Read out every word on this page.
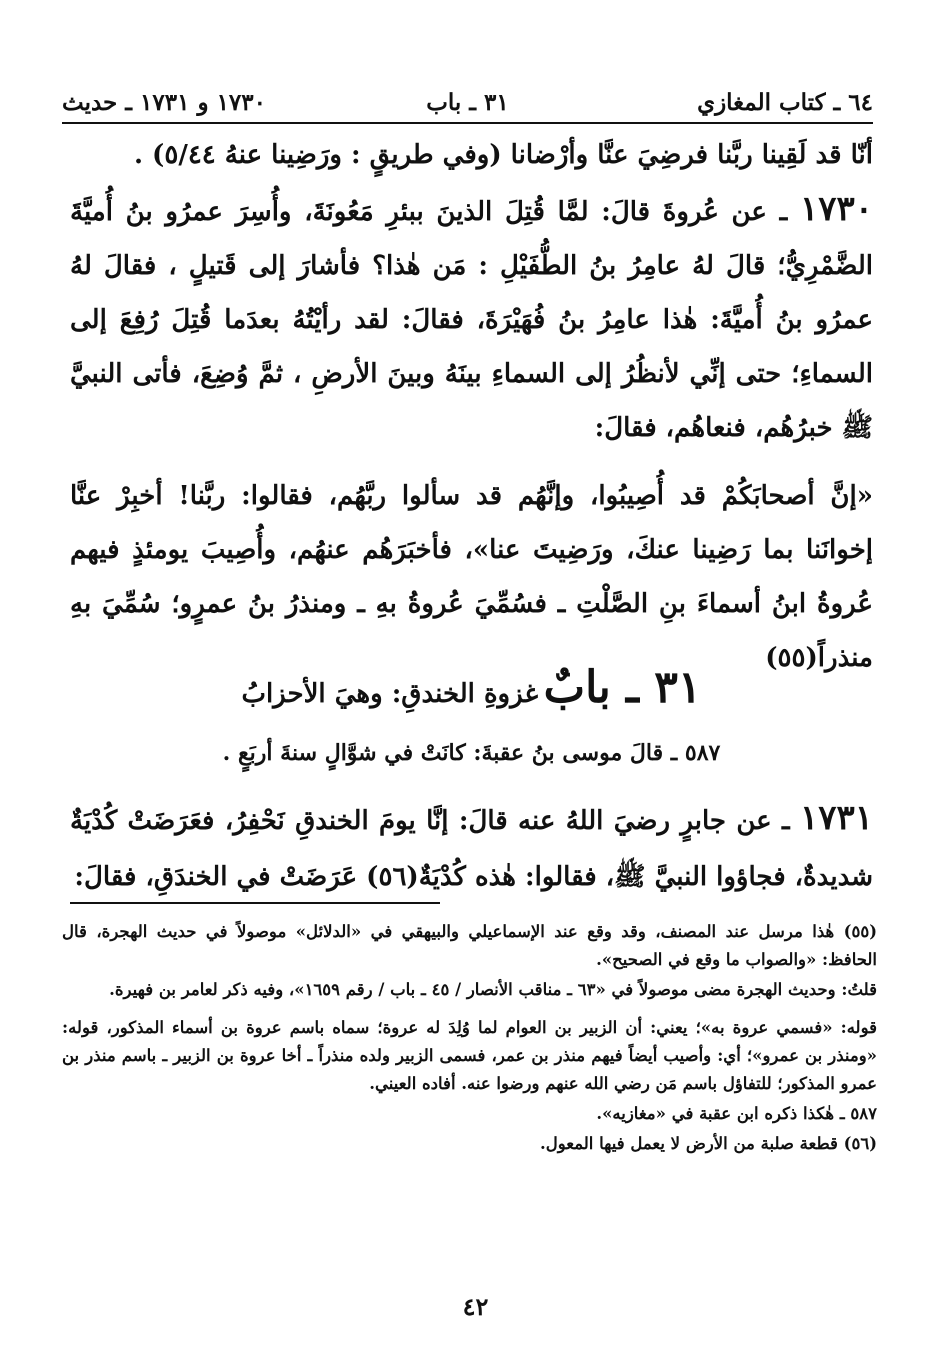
٦٤ ـ كتاب المغازي
٣١ ـ باب
١٧٣٠ و ١٧٣١ ـ حديث

أنّا قد لَقِينا ربَّنا فرضِيَ عنَّا وأرْضانا (وفي طريقٍ : ورَضِينا عنهُ ٥/٤٤) .

١٧٣٠ ـ عن عُروةَ قالَ: لمَّا قُتِلَ الذينَ ببئرِ مَعُونَةَ، وأُسِرَ عمرُو بنُ أُميَّةَ الضَّمْرِيُّ؛ قالَ لهُ عامِرُ بنُ الطُّفَيْلِ : مَن هٰذا؟ فأشارَ إلى قَتيلٍ ، فقالَ لهُ عمرُو بنُ أُميَّةَ: هٰذا عامِرُ بنُ فُهَيْرَةَ، فقالَ: لقد رأيْتُهُ بعدَما قُتِلَ رُفِعَ إلى السماءِ؛ حتى إنِّي لأنظُرُ إلى السماءِ بينَهُ وبينَ الأرضِ ، ثمَّ وُضِعَ، فأتى النبيَّ ﷺ خبرُهُم، فنعاهُم، فقالَ:

«إنَّ أصحابَكُمْ قد أُصِيبُوا، وإنَّهُم قد سألوا ربَّهُم، فقالوا: ربَّنا! أخبِرْ عنَّا إخوانَنا بما رَضِينا عنكَ، ورَضِيتَ عنا»، فأخبَرَهُم عنهُم، وأُصِيبَ يومئذٍ فيهم عُروةُ ابنُ أسماءَ بنِ الصَّلْتِ ـ فسُمِّيَ عُروةُ بهِ ـ ومنذرُ بنُ عمرٍو؛ سُمِّيَ بهِ منذراً(٥٥)

٣١ ـ بابٌ غزوةِ الخندقِ: وهيَ الأحزابُ
٥٨٧ ـ قالَ موسى بنُ عقبةَ: كانَتْ في شوَّالٍ سنةَ أربَعٍ .

١٧٣١ ـ عن جابرٍ رضيَ اللهُ عنه قالَ: إنَّا يومَ الخندقِ نَحْفِرُ، فعَرَضَتْ كُدْيَةٌ شديدةٌ، فجاؤوا النبيَّ ﷺ، فقالوا: هٰذه كُدْيَةٌ(٥٦) عَرَضَتْ في الخندَقِ، فقالَ:

(٥٥) هٰذا مرسل عند المصنف، وقد وقع عند الإسماعيلي والبيهقي في «الدلائل» موصولاً في حديث الهجرة، قال الحافظ: «والصواب ما وقع في الصحيح».

قلتُ: وحديث الهجرة مضى موصولاً في «٦٣ ـ مناقب الأنصار / ٤٥ ـ باب / رقم ١٦٥٩»، وفيه ذكر لعامر بن فهيرة.

قوله: «فسمي عروة به»؛ يعني: أن الزبير بن العوام لما وُلِدَ له عروة؛ سماه باسم عروة بن أسماء المذكور، قوله: «ومنذر بن عمرو»؛ أي: وأصيب أيضاً فيهم منذر بن عمر، فسمى الزبير ولده منذراً ـ أخا عروة بن الزبير ـ باسم منذر بن عمرو المذكور؛ للتفاؤل باسم مَن رضي الله عنهم ورضوا عنه. أفاده العيني.

٥٨٧ ـ هٰكذا ذكره ابن عقبة في «مغازيه».

(٥٦) قطعة صلبة من الأرض لا يعمل فيها المعول.

٤٢
